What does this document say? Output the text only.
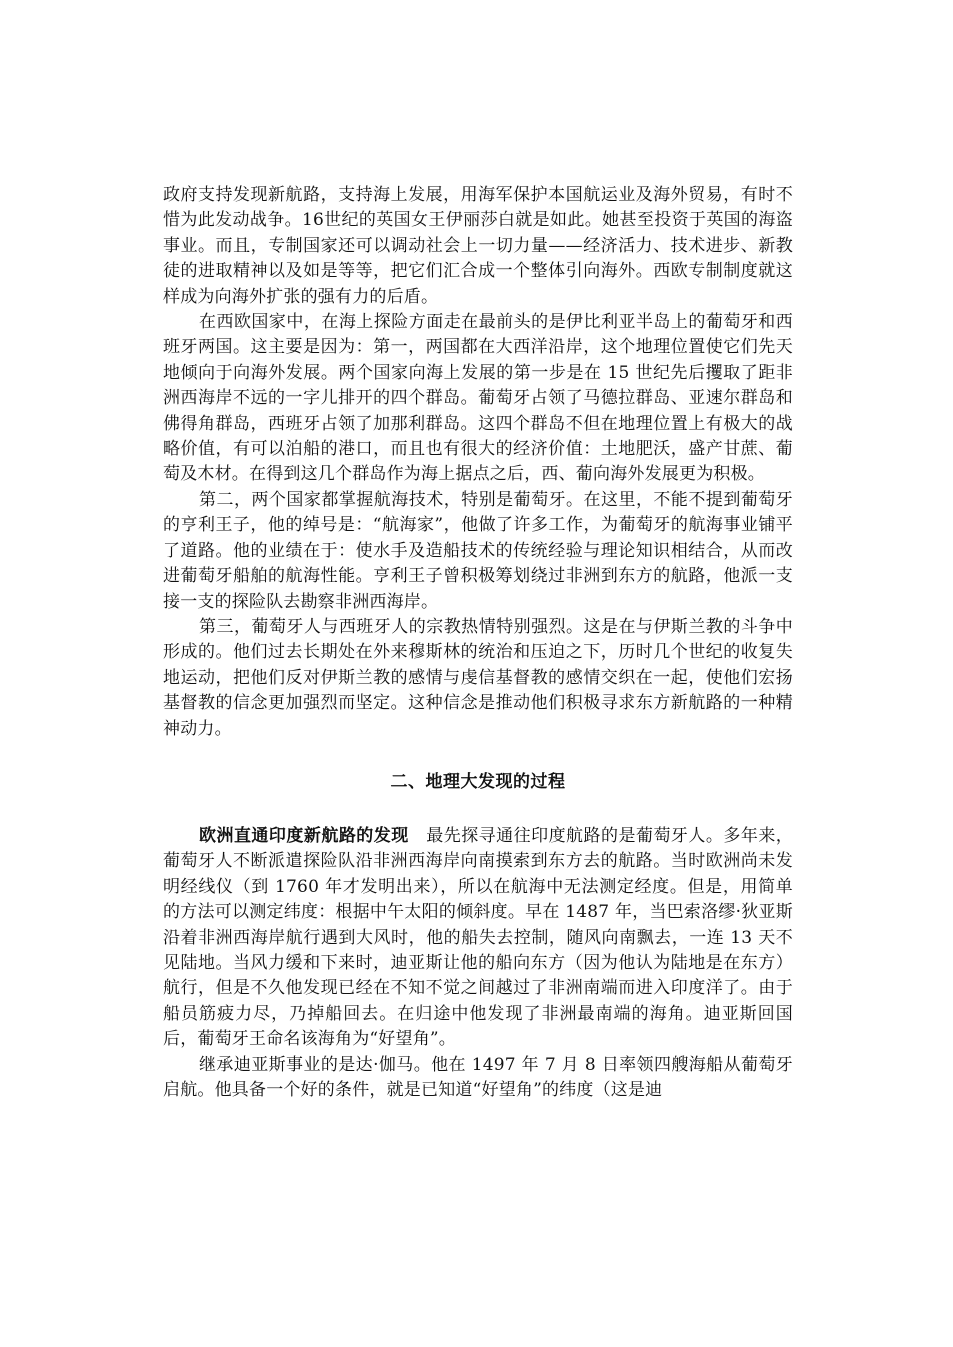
政府支持发现新航路，支持海上发展，用海军保护本国航运业及海外贸易，有时不惜为此发动战争。16世纪的英国女王伊丽莎白就是如此。她甚至投资于英国的海盗事业。而且，专制国家还可以调动社会上一切力量——经济活力、技术进步、新教徒的进取精神以及如是等等，把它们汇合成一个整体引向海外。西欧专制制度就这样成为向海外扩张的强有力的后盾。

在西欧国家中，在海上探险方面走在最前头的是伊比利亚半岛上的葡萄牙和西班牙两国。这主要是因为：第一，两国都在大西洋沿岸，这个地理位置使它们先天地倾向于向海外发展。两个国家向海上发展的第一步是在 15 世纪先后攫取了距非洲西海岸不远的一字儿排开的四个群岛。葡萄牙占领了马德拉群岛、亚速尔群岛和佛得角群岛，西班牙占领了加那利群岛。这四个群岛不但在地理位置上有极大的战略价值，有可以泊船的港口，而且也有很大的经济价值：土地肥沃，盛产甘蔗、葡萄及木材。在得到这几个群岛作为海上据点之后，西、葡向海外发展更为积极。

第二，两个国家都掌握航海技术，特别是葡萄牙。在这里，不能不提到葡萄牙的亨利王子，他的绰号是：“航海家”，他做了许多工作，为葡萄牙的航海事业铺平了道路。他的业绩在于：使水手及造船技术的传统经验与理论知识相结合，从而改进葡萄牙船舶的航海性能。亨利王子曾积极筹划绕过非洲到东方的航路，他派一支接一支的探险队去勘察非洲西海岸。

第三，葡萄牙人与西班牙人的宗教热情特别强烈。这是在与伊斯兰教的斗争中形成的。他们过去长期处在外来穆斯林的统治和压迫之下，历时几个世纪的收复失地运动，把他们反对伊斯兰教的感情与虔信基督教的感情交织在一起，使他们宏扬基督教的信念更加强烈而坚定。这种信念是推动他们积极寻求东方新航路的一种精神动力。

二、地理大发现的过程

欧洲直通印度新航路的发现　 最先探寻通往印度航路的是葡萄牙人。多年来，葡萄牙人不断派遣探险队沿非洲西海岸向南摸索到东方去的航路。当时欧洲尚未发明经线仪（到 1760 年才发明出来），所以在航海中无法测定经度。但是，用简单的方法可以测定纬度：根据中午太阳的倾斜度。早在 1487 年，当巴索洛缪·狄亚斯沿着非洲西海岸航行遇到大风时，他的船失去控制，随风向南飘去，一连 13 天不见陆地。当风力缓和下来时，迪亚斯让他的船向东方（因为他认为陆地是在东方）航行，但是不久他发现已经在不知不觉之间越过了非洲南端而进入印度洋了。由于船员筋疲力尽，乃掉船回去。在归途中他发现了非洲最南端的海角。迪亚斯回国后，葡萄牙王命名该海角为“好望角”。

继承迪亚斯事业的是达·伽马。他在 1497 年 7 月 8 日率领四艘海船从葡萄牙启航。他具备一个好的条件，就是已知道“好望角”的纬度（这是迪
